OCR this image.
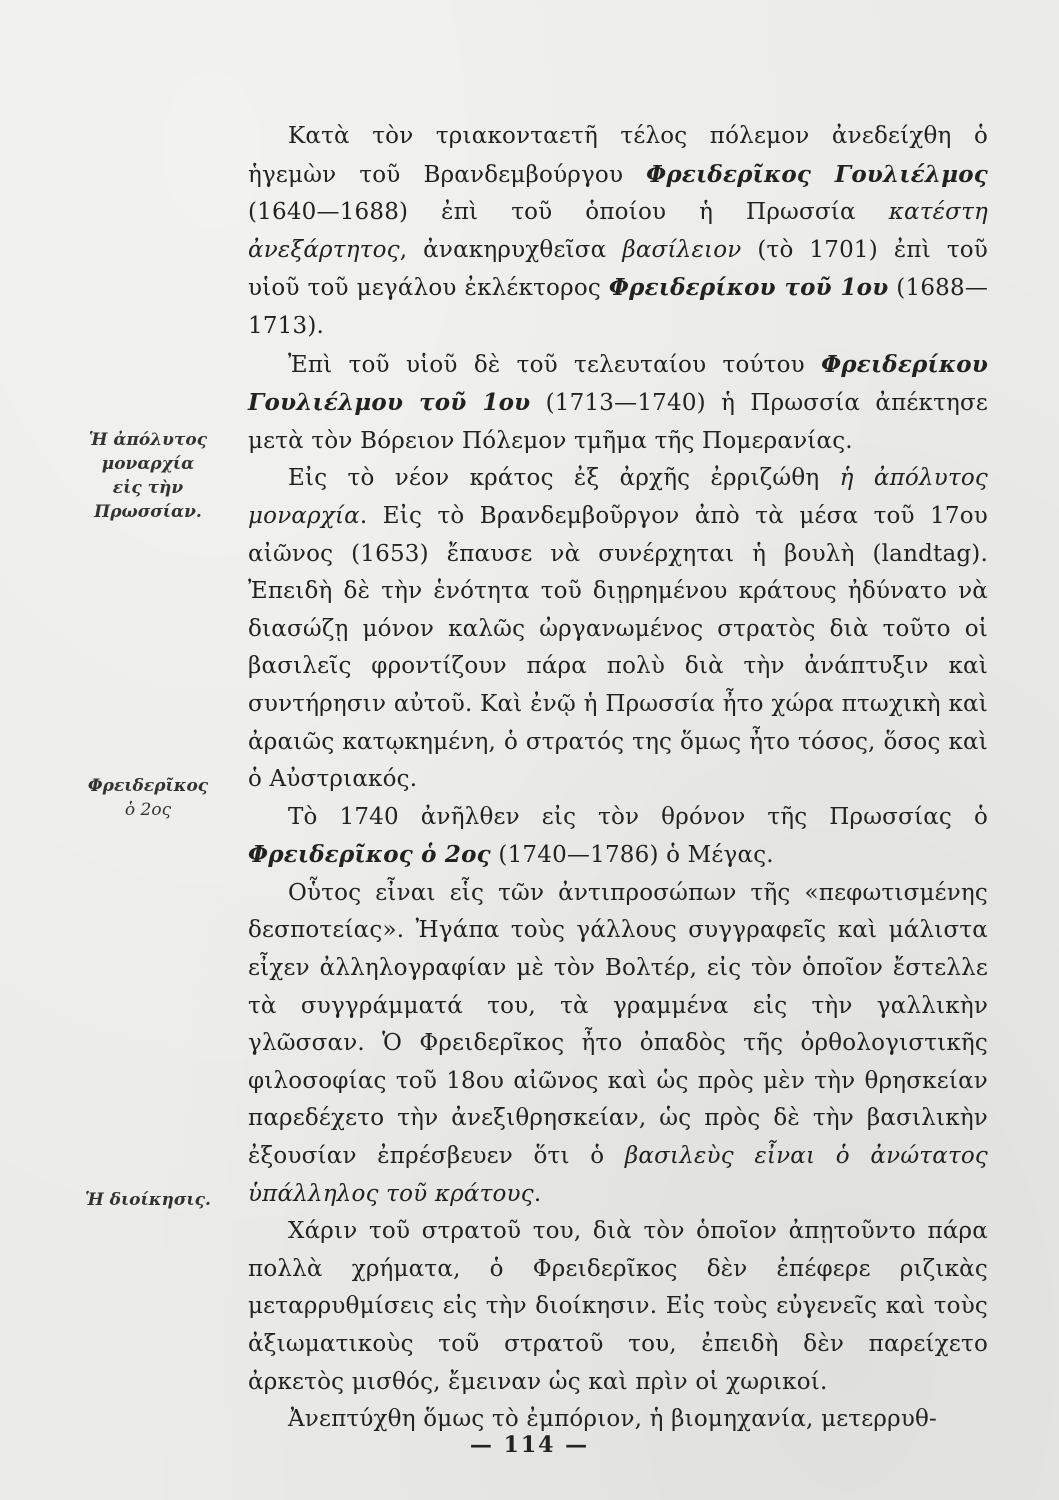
Κατὰ τὸν τριακονταετῆ τέλος πόλεμον ἀνεδείχθη ὁ ἡγεμὼν τοῦ Βρανδεμβούργου Φρειδερῖκος Γουλιέλμος (1640—1688) ἐπὶ τοῦ ὁποίου ἡ Πρωσσία κατέστη ἀνεξάρτητος, ἀνακηρυχθεῖσα βασίλειον (τὸ 1701) ἐπὶ τοῦ υἱοῦ τοῦ μεγάλου ἐκλέκτορος Φρειδερίκου τοῦ 1ου (1688—1713).

Ἐπὶ τοῦ υἱοῦ δὲ τοῦ τελευταίου τούτου Φρειδερίκου Γουλιέλμου τοῦ 1ου (1713—1740) ἡ Πρωσσία ἀπέκτησε μετὰ τὸν Βόρειον Πόλεμον τμῆμα τῆς Πομερανίας.

Εἰς τὸ νέον κράτος ἐξ ἀρχῆς ἐρριζώθη ἡ ἀπόλυτος μοναρχία. Εἰς τὸ Βρανδεμβοῦργον ἀπὸ τὰ μέσα τοῦ 17ου αἰῶνος (1653) ἔπαυσε νὰ συνέρχηται ἡ βουλὴ (landtag). Ἐπειδὴ δὲ τὴν ἑνότητα τοῦ διῃρημένου κράτους ἠδύνατο νὰ διασώζῃ μόνον καλῶς ὠργανωμένος στρατὸς διὰ τοῦτο οἱ βασιλεῖς φροντίζουν πάρα πολὺ διὰ τὴν ἀνάπτυξιν καὶ συντήρησιν αὐτοῦ. Καὶ ἐνῷ ἡ Πρωσσία ἦτο χώρα πτωχικὴ καὶ ἀραιῶς κατῳκημένη, ὁ στρατός της ὅμως ἦτο τόσος, ὅσος καὶ ὁ Αὐστριακός.

Τὸ 1740 ἀνῆλθεν εἰς τὸν θρόνον τῆς Πρωσσίας ὁ Φρειδερῖκος ὁ 2ος (1740—1786) ὁ Μέγας.

Οὗτος εἶναι εἷς τῶν ἀντιπροσώπων τῆς «πεφωτισμένης δεσποτείας». Ἠγάπα τοὺς γάλλους συγγραφεῖς καὶ μάλιστα εἶχεν ἀλληλογραφίαν μὲ τὸν Βολτέρ, εἰς τὸν ὁποῖον ἔστελλε τὰ συγγράμματά του, τὰ γραμμένα εἰς τὴν γαλλικὴν γλῶσσαν. Ὁ Φρειδερῖκος ἦτο ὀπαδὸς τῆς ὀρθολογιστικῆς φιλοσοφίας τοῦ 18ου αἰῶνος καὶ ὡς πρὸς μὲν τὴν θρησκείαν παρεδέχετο τὴν ἀνεξιθρησκείαν, ὡς πρὸς δὲ τὴν βασιλικὴν ἐξουσίαν ἐπρέσβευεν ὅτι ὁ βασιλεὺς εἶναι ὁ ἀνώτατος ὑπάλληλος τοῦ κράτους.

Χάριν τοῦ στρατοῦ του, διὰ τὸν ὁποῖον ἀπῃτοῦντο πάρα πολλὰ χρήματα, ὁ Φρειδερῖκος δὲν ἐπέφερε ριζικὰς μεταρρυθμίσεις εἰς τὴν διοίκησιν. Εἰς τοὺς εὐγενεῖς καὶ τοὺς ἀξιωματικοὺς τοῦ στρατοῦ του, ἐπειδὴ δὲν παρείχετο ἀρκετὸς μισθός, ἔμειναν ὡς καὶ πρὶν οἱ χωρικοί.

Ἀνεπτύχθη ὅμως τὸ ἐμπόριον, ἡ βιομηχανία, μετερρυθ-

Ἡ ἀπόλυτος
μοναρχία
εἰς τὴν
Πρωσσίαν.
Φρειδερῖκος
ὁ 2ος
Ἡ διοίκησις.
— 114 —
